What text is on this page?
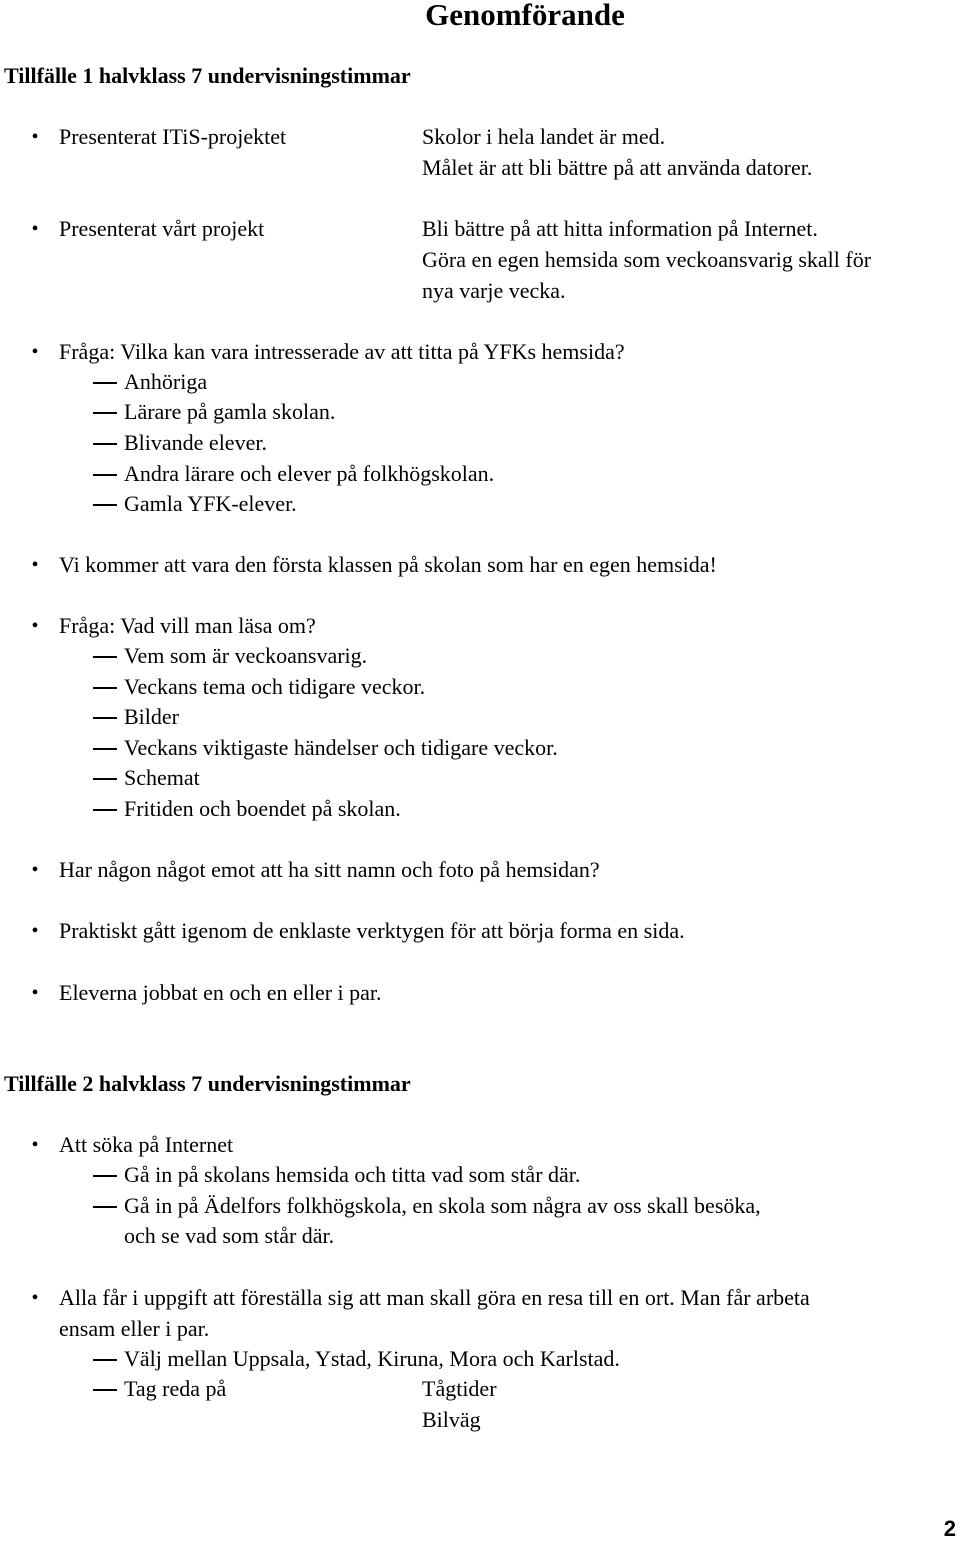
Genomförande
Tillfälle 1 halvklass 7 undervisningstimmar
• Presenterat ITiS-projektet	Skolor i hela landet är med.
Målet är att bli bättre på att använda datorer.
• Presenterat vårt projekt	Bli bättre på att hitta information på Internet.
Göra en egen hemsida som veckoansvarig skall för
nya varje vecka.
• Fråga: Vilka kan vara intresserade av att titta på YFKs hemsida?
Anhöriga
Lärare på gamla skolan.
Blivande elever.
Andra lärare och elever på folkhögskolan.
Gamla YFK-elever.
• Vi kommer att vara den första klassen på skolan som har en egen hemsida!
• Fråga: Vad vill man läsa om?
Vem som är veckoansvarig.
Veckans tema och tidigare veckor.
Bilder
Veckans viktigaste händelser och tidigare veckor.
Schemat
Fritiden och boendet på skolan.
• Har någon något emot att ha sitt namn och foto på hemsidan?
• Praktiskt gått igenom de enklaste verktygen för att börja forma en sida.
• Eleverna jobbat en och en eller i par.
Tillfälle 2 halvklass 7 undervisningstimmar
• Att söka på Internet
Gå in på skolans hemsida och titta vad som står där.
Gå in på Ädelfors folkhögskola, en skola som några av oss skall besöka,
och se vad som står där.
• Alla får i uppgift att föreställa sig att man skall göra en resa till en ort. Man får arbeta
ensam eller i par.
Välj mellan Uppsala, Ystad, Kiruna, Mora och Karlstad.
Tag reda på	Tågtider
Bilväg
2
